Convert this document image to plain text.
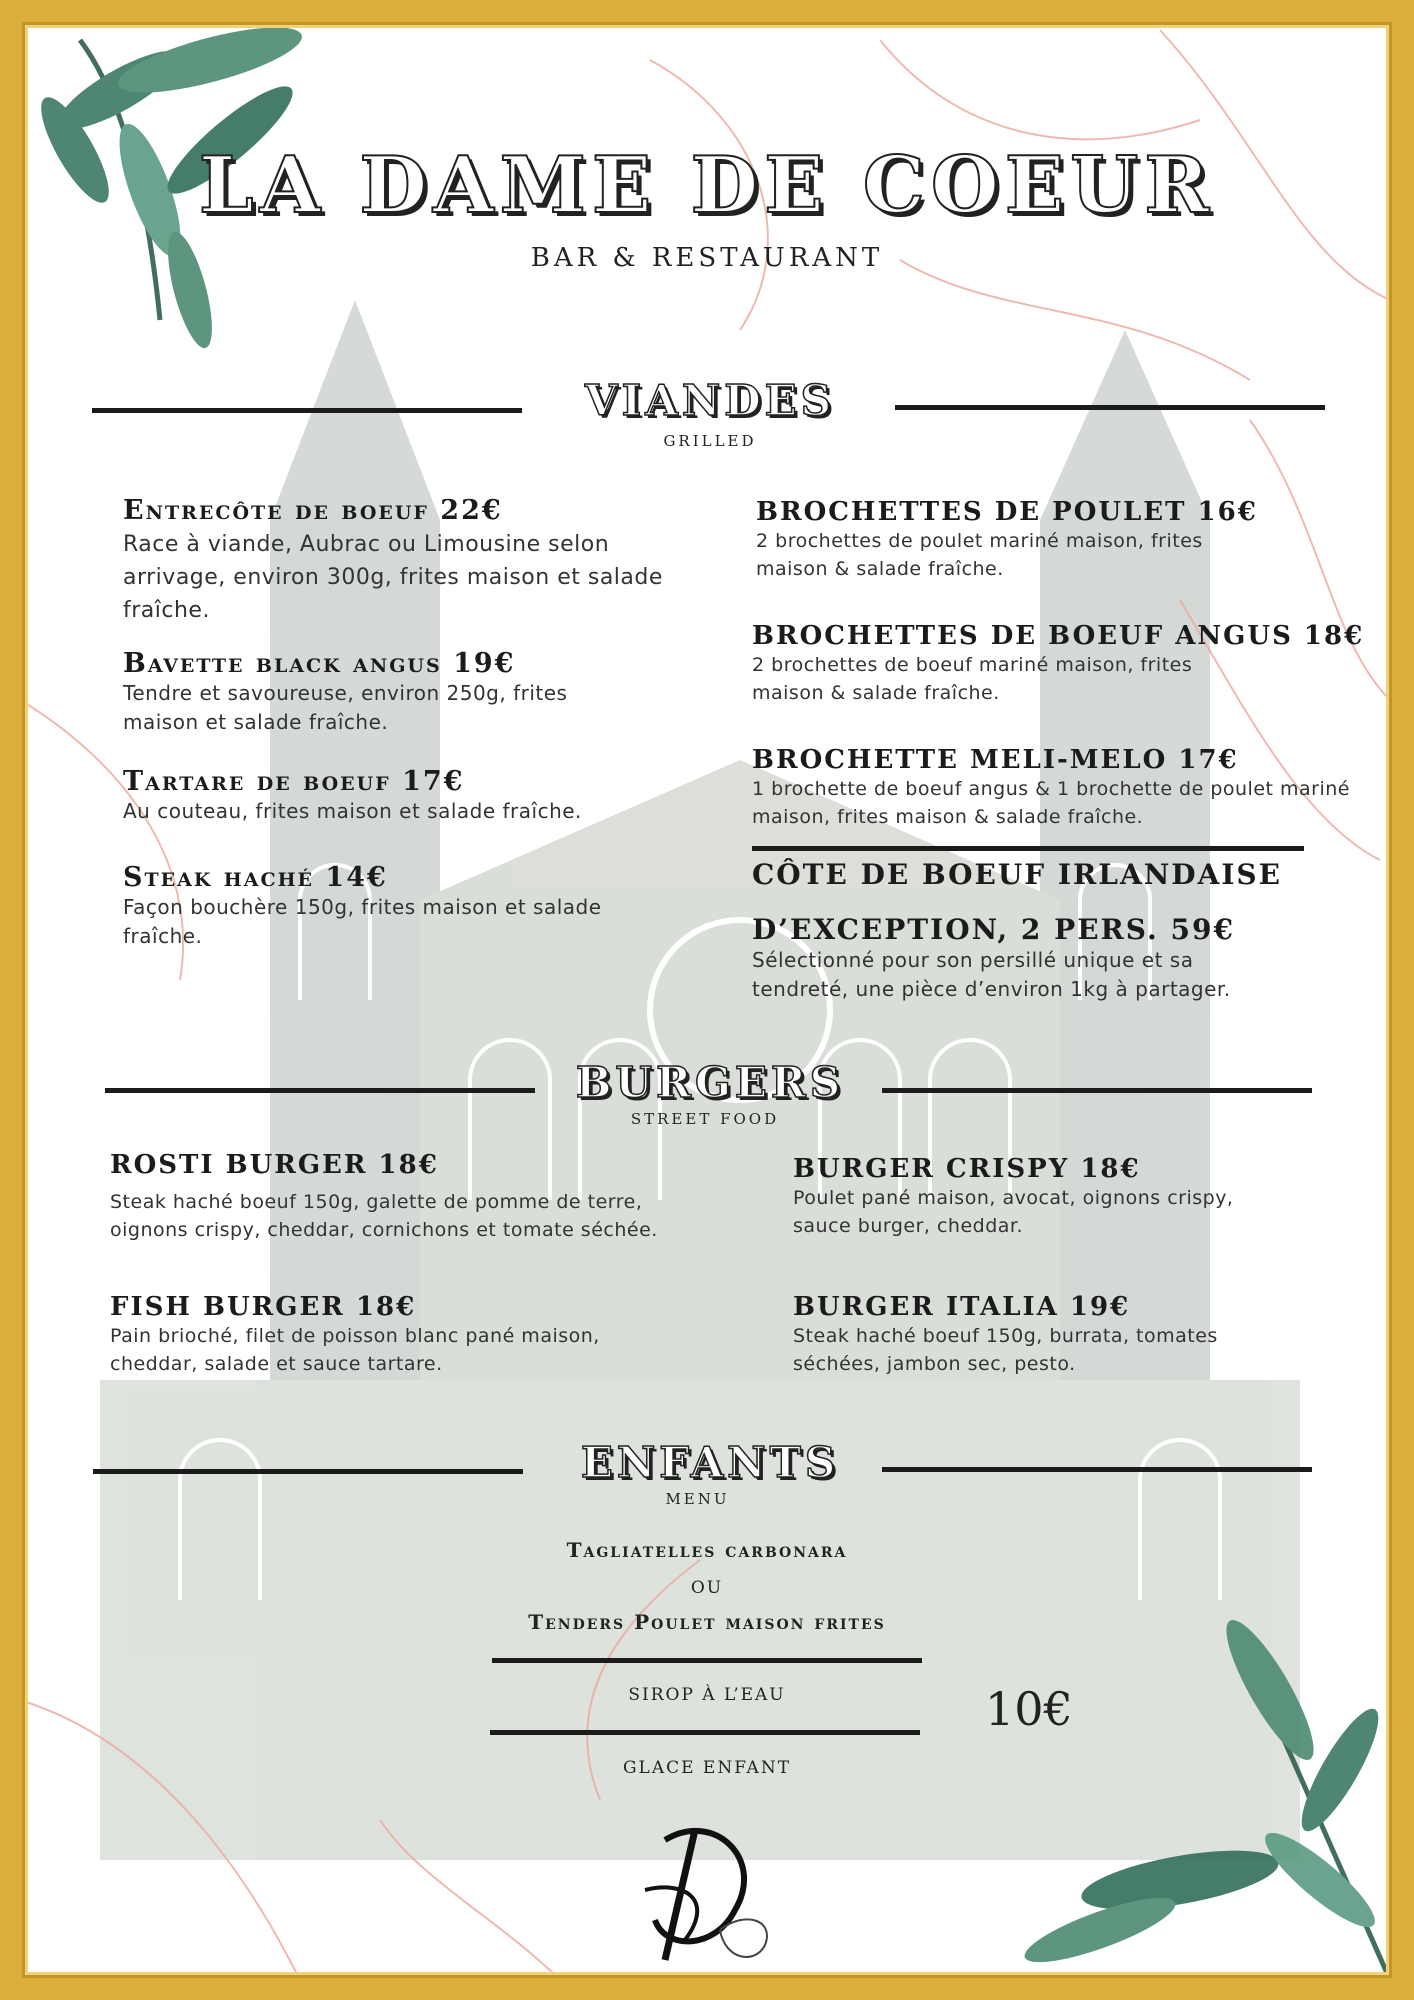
LA DAME DE COEUR
BAR & RESTAURANT
VIANDES
GRILLED
Entrecôte de boeuf 22€
Race à viande, Aubrac ou Limousine selon arrivage, environ 300g, frites maison et salade fraîche.
Bavette black angus 19€
Tendre et savoureuse, environ 250g, frites maison et salade fraîche.
Tartare de boeuf 17€
Au couteau, frites maison et salade fraîche.
Steak haché 14€
Façon bouchère 150g, frites maison et salade fraîche.
BROCHETTES DE POULET 16€
2 brochettes de poulet mariné maison, frites maison & salade fraîche.
BROCHETTES DE BOEUF ANGUS 18€
2 brochettes de boeuf mariné maison, frites maison & salade fraîche.
BROCHETTE MELI-MELO 17€
1 brochette de boeuf angus & 1 brochette de poulet mariné maison, frites maison & salade fraîche.
CÔTE DE BOEUF IRLANDAISE
D’EXCEPTION, 2 PERS. 59€
Sélectionné pour son persillé unique et sa tendreté, une pièce d’environ 1kg à partager.
BURGERS
STREET FOOD
ROSTI BURGER 18€
Steak haché boeuf 150g, galette de pomme de terre, oignons crispy, cheddar, cornichons et tomate séchée.
FISH BURGER 18€
Pain brioché, filet de poisson blanc pané maison, cheddar, salade et sauce tartare.
BURGER CRISPY 18€
Poulet pané maison, avocat, oignons crispy, sauce burger, cheddar.
BURGER ITALIA 19€
Steak haché boeuf 150g, burrata, tomates séchées, jambon sec, pesto.
ENFANTS
MENU
Tagliatelles carbonara
OU
Tenders Poulet maison frites
SIROP À L’EAU
GLACE ENFANT
10€
